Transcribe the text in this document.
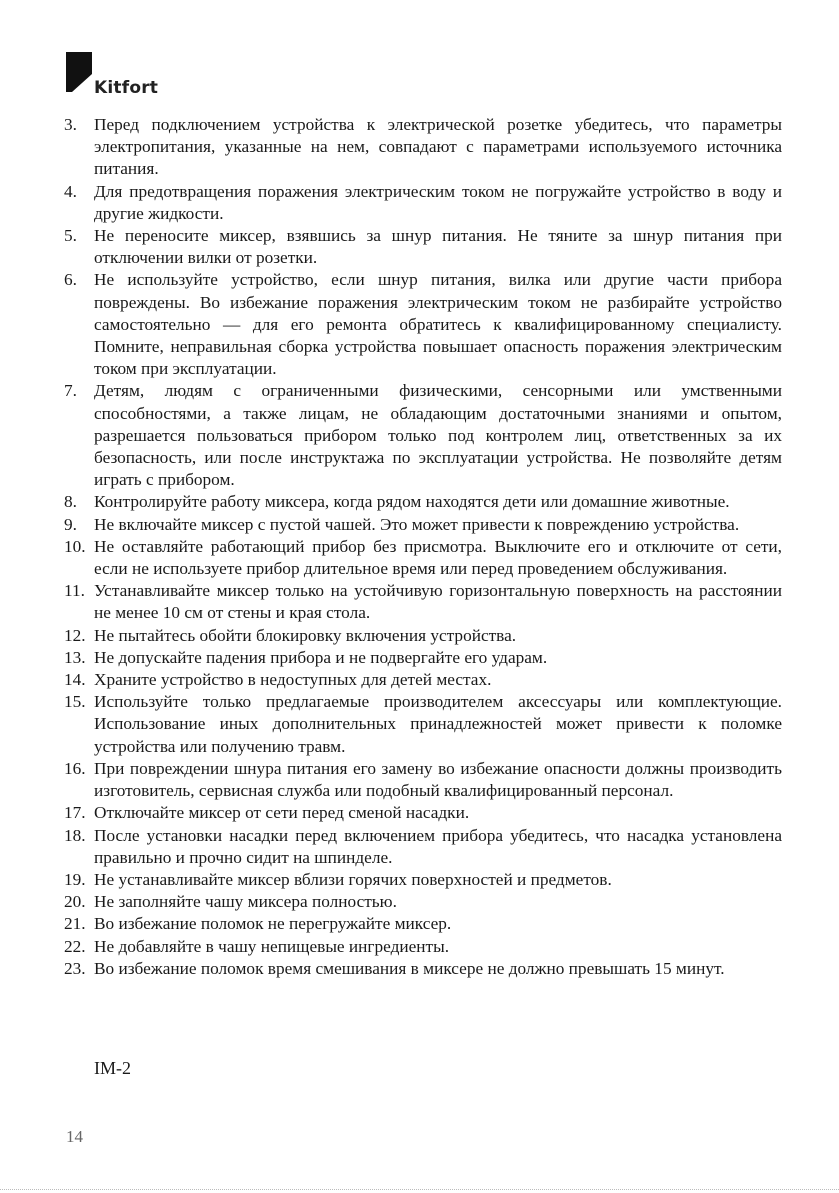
Kitfort
3. Перед подключением устройства к электрической розетке убедитесь, что параметры электропитания, указанные на нем, совпадают с параметрами используемого источника питания.
4. Для предотвращения поражения электрическим током не погружайте устройство в воду и другие жидкости.
5. Не переносите миксер, взявшись за шнур питания. Не тяните за шнур питания при отключении вилки от розетки.
6. Не используйте устройство, если шнур питания, вилка или другие части прибора повреждены. Во избежание поражения электрическим током не разбирайте устройство самостоятельно — для его ремонта обратитесь к квалифицированному специалисту. Помните, неправильная сборка устройства повышает опасность поражения электрическим током при эксплуатации.
7. Детям, людям с ограниченными физическими, сенсорными или умственными способностями, а также лицам, не обладающим достаточными знаниями и опытом, разрешается пользоваться прибором только под контролем лиц, ответственных за их безопасность, или после инструктажа по эксплуатации устройства. Не позволяйте детям играть с прибором.
8. Контролируйте работу миксера, когда рядом находятся дети или домашние животные.
9. Не включайте миксер с пустой чашей. Это может привести к повреждению устройства.
10. Не оставляйте работающий прибор без присмотра. Выключите его и отключите от сети, если не используете прибор длительное время или перед проведением обслуживания.
11. Устанавливайте миксер только на устойчивую горизонтальную поверхность на расстоянии не менее 10 см от стены и края стола.
12. Не пытайтесь обойти блокировку включения устройства.
13. Не допускайте падения прибора и не подвергайте его ударам.
14. Храните устройство в недоступных для детей местах.
15. Используйте только предлагаемые производителем аксессуары или комплектующие. Использование иных дополнительных принадлежностей может привести к поломке устройства или получению травм.
16. При повреждении шнура питания его замену во избежание опасности должны производить изготовитель, сервисная служба или подобный квалифицированный персонал.
17. Отключайте миксер от сети перед сменой насадки.
18. После установки насадки перед включением прибора убедитесь, что насадка установлена правильно и прочно сидит на шпинделе.
19. Не устанавливайте миксер вблизи горячих поверхностей и предметов.
20. Не заполняйте чашу миксера полностью.
21. Во избежание поломок не перегружайте миксер.
22. Не добавляйте в чашу непищевые ингредиенты.
23. Во избежание поломок время смешивания в миксере не должно превышать 15 минут.
IM-2
14
